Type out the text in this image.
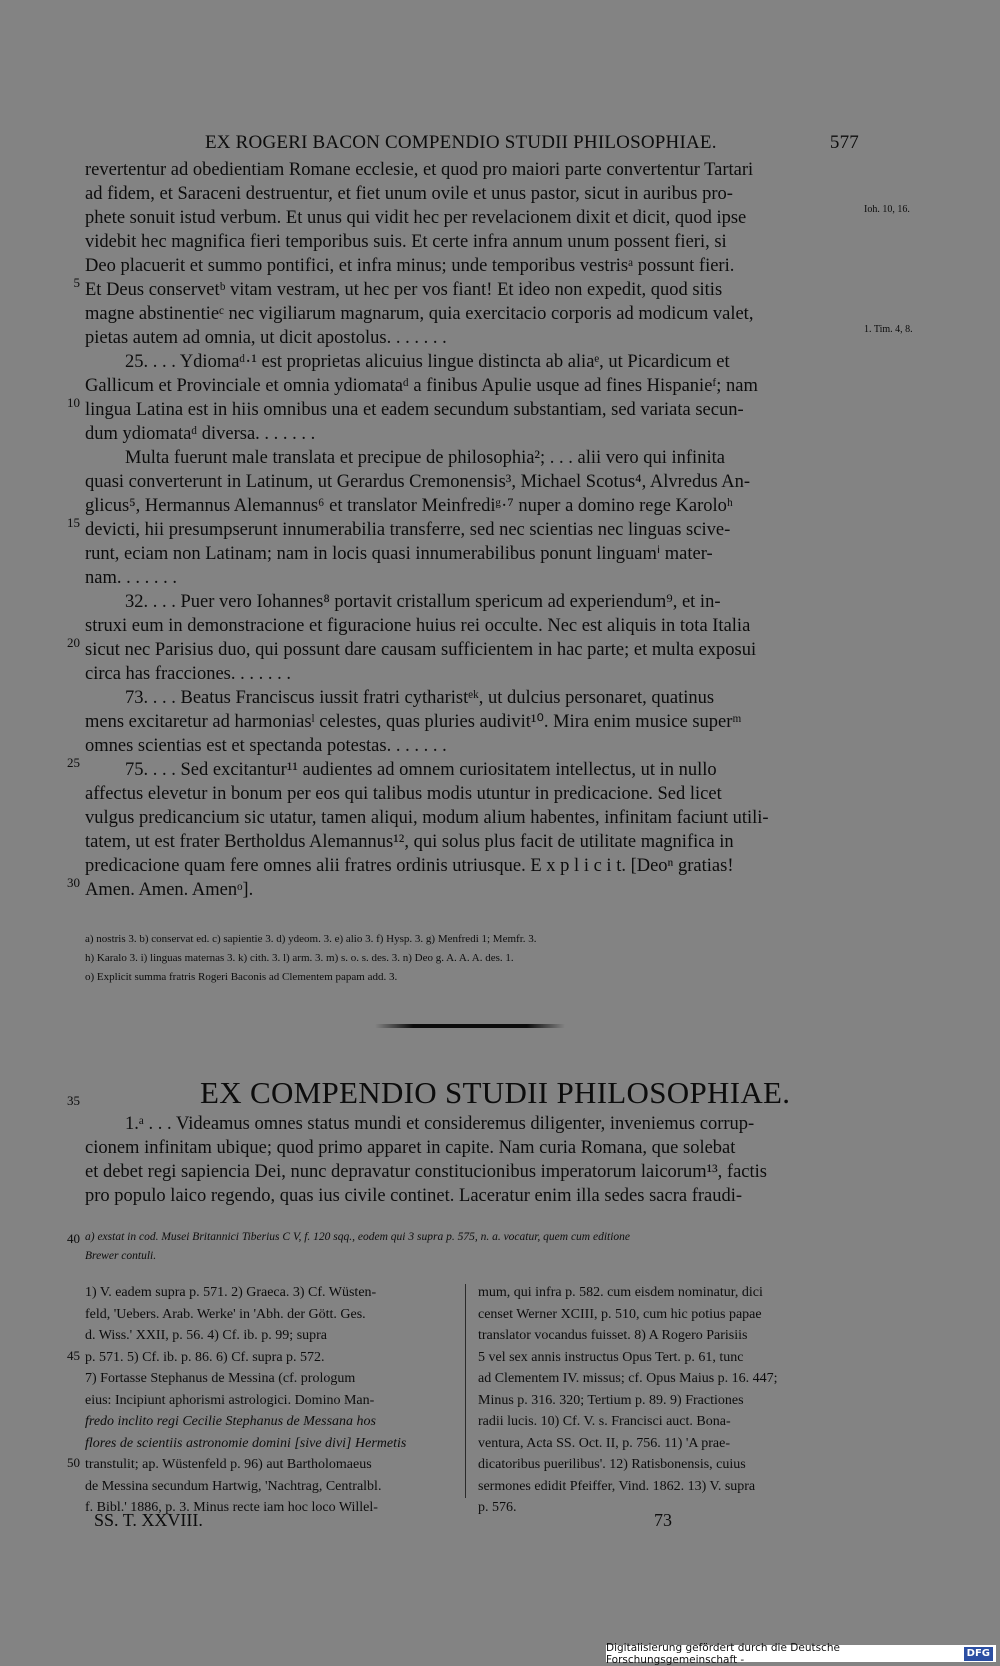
EX ROGERI BACON COMPENDIO STUDII PHILOSOPHIAE.	577
revertentur ad obedientiam Romane ecclesie, et quod pro maiori parte convertentur Tartari
ad fidem, et Saraceni destruentur, et fiet unum ovile et unus pastor, sicut in auribus pro-
phete sonuit istud verbum. Et unus qui vidit hec per revelacionem dixit et dicit, quod ipse
videbit hec magnifica fieri temporibus suis. Et certe infra annum unum possent fieri, si
Deo placuerit et summo pontifici, et infra minus; unde temporibus vestrisᵃ possunt fieri.
Et Deus conservetᵇ vitam vestram, ut hec per vos fiant! Et ideo non expedit, quod sitis
magne abstinentieᶜ nec vigiliarum magnarum, quia exercitacio corporis ad modicum valet,
pietas autem ad omnia, ut dicit apostolus. . . . . . .
25. . . . Ydiomaᵈ·¹ est proprietas alicuius lingue distincta ab aliaᵉ, ut Picardicum et
Gallicum et Provinciale et omnia ydiomataᵈ a finibus Apulie usque ad fines Hispanieᶠ; nam
lingua Latina est in hiis omnibus una et eadem secundum substantiam, sed variata secun-
dum ydiomataᵈ diversa. . . . . . .
Multa fuerunt male translata et precipue de philosophia²; . . . alii vero qui infinita
quasi converterunt in Latinum, ut Gerardus Cremonensis³, Michael Scotus⁴, Alvredus An-
glicus⁵, Hermannus Alemannus⁶ et translator Meinfrediᵍ·⁷ nuper a domino rege Karoloʰ
devicti, hii presumpserunt innumerabilia transferre, sed nec scientias nec linguas scive-
runt, eciam non Latinam; nam in locis quasi innumerabilibus ponunt linguamⁱ mater-
nam. . . . . . .
32. . . . Puer vero Iohannes⁸ portavit cristallum spericum ad experiendum⁹, et in-
struxi eum in demonstracione et figuracione huius rei occulte. Nec est aliquis in tota Italia
sicut nec Parisius duo, qui possunt dare causam sufficientem in hac parte; et multa exposui
circa has fracciones. . . . . . .
73. . . . Beatus Franciscus iussit fratri cytharistᵉᵏ, ut dulcius personaret, quatinus
mens excitaretur ad harmoniasˡ celestes, quas pluries audivit¹⁰. Mira enim musice superᵐ
omnes scientias est et spectanda potestas. . . . . . .
75. . . . Sed excitantur¹¹ audientes ad omnem curiositatem intellectus, ut in nullo
affectus elevetur in bonum per eos qui talibus modis utuntur in predicacione. Sed licet
vulgus predicancium sic utatur, tamen aliqui, modum alium habentes, infinitam faciunt utili-
tatem, ut est frater Bertholdus Alemannus¹², qui solus plus facit de utilitate magnifica in
predicacione quam fere omnes alii fratres ordinis utriusque. E x p l i c i t. [Deoⁿ gratias!
Amen. Amen. Amenᵒ].
5
10
15
20
25
30
Ioh. 10, 16.
1. Tim. 4, 8.
a) nostris 3. b) conservat ed. c) sapientie 3. d) ydeom. 3. e) alio 3. f) Hysp. 3. g) Menfredi 1; Memfr. 3.
h) Karalo 3. i) linguas maternas 3. k) cith. 3. l) arm. 3. m) s. o. s. des. 3. n) Deo g. A. A. A. des. 1.
o) Explicit summa fratris Rogeri Baconis ad Clementem papam add. 3.
35	EX COMPENDIO STUDII PHILOSOPHIAE.
1.ᵃ . . . Videamus omnes status mundi et consideremus diligenter, inveniemus corrup-
cionem infinitam ubique; quod primo apparet in capite. Nam curia Romana, que solebat
et debet regi sapiencia Dei, nunc depravatur constitucionibus imperatorum laicorum¹³, factis
pro populo laico regendo, quas ius civile continet. Laceratur enim illa sedes sacra fraudi-
40 a) exstat in cod. Musei Britannici Tiberius C V, f. 120 sqq., eodem qui 3 supra p. 575, n. a. vocatur, quem cum editione
Brewer contuli.
45
50
1) V. eadem supra p. 571. 2) Graeca. 3) Cf. Wüsten-
feld, 'Uebers. Arab. Werke' in 'Abh. der Gött. Ges.
d. Wiss.' XXII, p. 56. 4) Cf. ib. p. 99; supra
p. 571. 5) Cf. ib. p. 86. 6) Cf. supra p. 572.
7) Fortasse Stephanus de Messina (cf. prologum
eius: Incipiunt aphorismi astrologici. Domino Man-
fredo inclito regi Cecilie Stephanus de Messana hos
flores de scientiis astronomie domini [sive divi] Hermetis
transtulit; ap. Wüstenfeld p. 96) aut Bartholomaeus
de Messina secundum Hartwig, 'Nachtrag, Centralbl.
f. Bibl.' 1886, p. 3. Minus recte iam hoc loco Willel-
mum, qui infra p. 582. cum eisdem nominatur, dici
censet Werner XCIII, p. 510, cum hic potius papae
translator vocandus fuisset. 8) A Rogero Parisiis
5 vel sex annis instructus Opus Tert. p. 61, tunc
ad Clementem IV. missus; cf. Opus Maius p. 16. 447;
Minus p. 316. 320; Tertium p. 89. 9) Fractiones
radii lucis. 10) Cf. V. s. Francisci auct. Bona-
ventura, Acta SS. Oct. II, p. 756. 11) 'A prae-
dicatoribus puerilibus'. 12) Ratisbonensis, cuius
sermones edidit Pfeiffer, Vind. 1862. 13) V. supra
p. 576.
SS. T. XXVIII.	73
Digitalisierung gefördert durch die Deutsche Forschungsgemeinschaft -
DFG
